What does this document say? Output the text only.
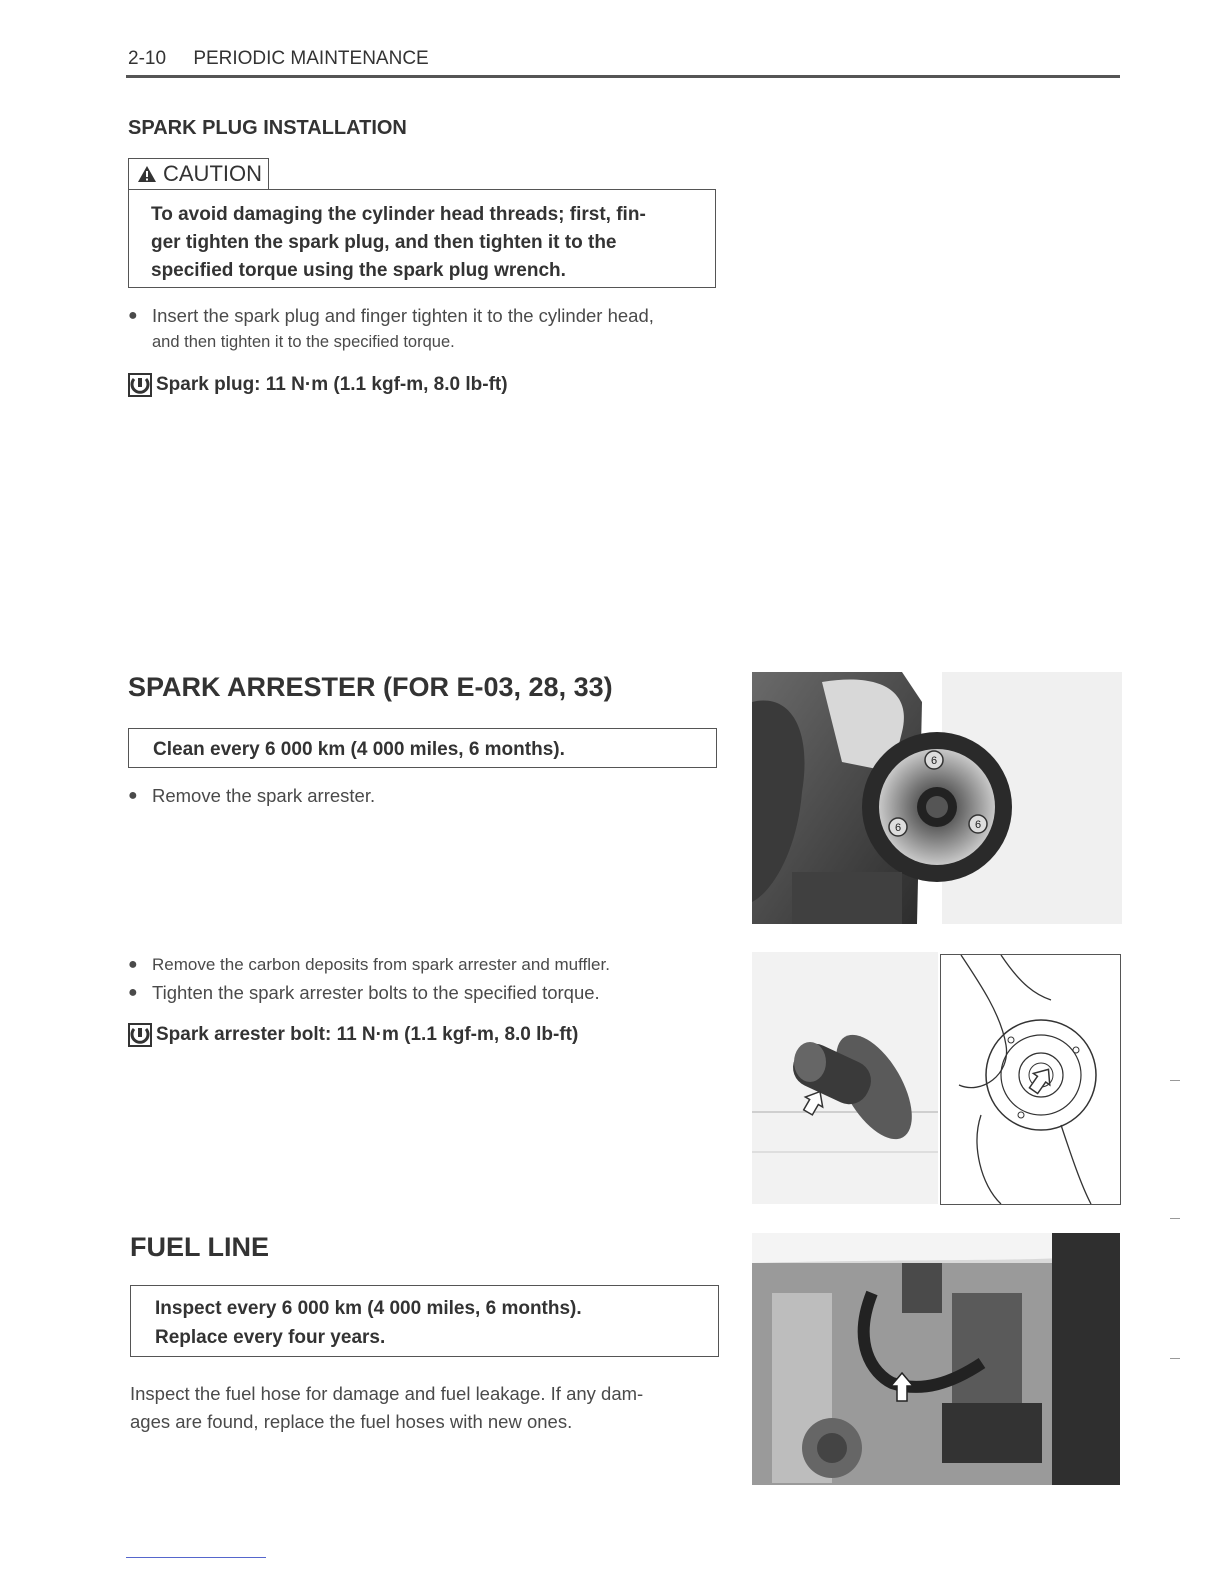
2-10 PERIODIC MAINTENANCE
SPARK PLUG INSTALLATION
CAUTION
To avoid damaging the cylinder head threads; first, fin-
ger tighten the spark plug, and then tighten it to the
specified torque using the spark plug wrench.
● Insert the spark plug and finger tighten it to the cylinder head,
and then tighten it to the specified torque.
Spark plug: 11 N·m (1.1 kgf-m, 8.0 lb-ft)
SPARK ARRESTER (FOR E-03, 28, 33)
Clean every 6 000 km (4 000 miles, 6 months).
● Remove the spark arrester.
● Remove the carbon deposits from spark arrester and muffler.
● Tighten the spark arrester bolts to the specified torque.
Spark arrester bolt: 11 N·m (1.1 kgf-m, 8.0 lb-ft)
FUEL LINE
Inspect every 6 000 km (4 000 miles, 6 months).
Replace every four years.
Inspect the fuel hose for damage and fuel leakage. If any dam-
ages are found, replace the fuel hoses with new ones.
6
6	6
